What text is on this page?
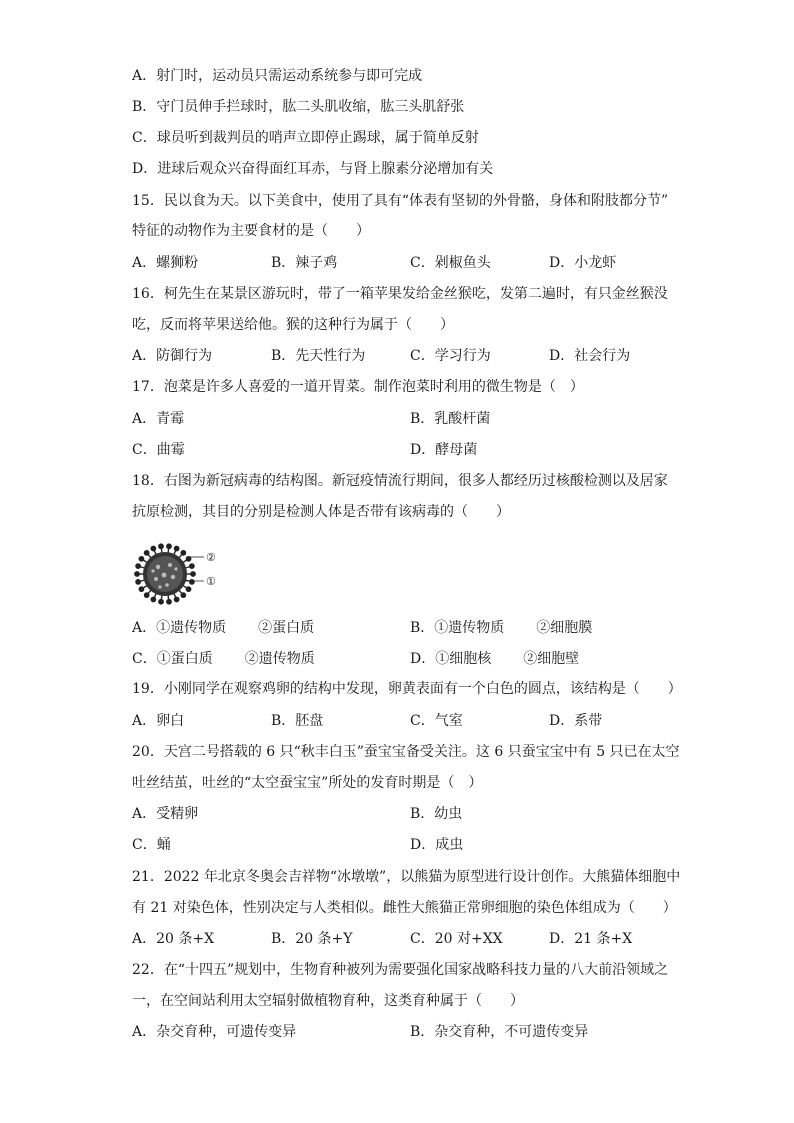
A．射门时，运动员只需运动系统参与即可完成
B．守门员伸手拦球时，肱二头肌收缩，肱三头肌舒张
C．球员听到裁判员的哨声立即停止踢球，属于简单反射
D．进球后观众兴奋得面红耳赤，与肾上腺素分泌增加有关
15．民以食为天。以下美食中，使用了具有“体表有坚韧的外骨骼，身体和附肢都分节”
特征的动物作为主要食材的是（　　）
A．螺狮粉	B．辣子鸡	C．剁椒鱼头	D．小龙虾
16．柯先生在某景区游玩时，带了一箱苹果发给金丝猴吃，发第二遍时，有只金丝猴没
吃，反而将苹果送给他。猴的这种行为属于（　　）
A．防御行为	B．先天性行为	C．学习行为	D．社会行为
17．泡菜是许多人喜爱的一道开胃菜。制作泡菜时利用的微生物是（　）
A．青霉	B．乳酸杆菌
C．曲霉	D．酵母菌
18．右图为新冠病毒的结构图。新冠疫情流行期间，很多人都经历过核酸检测以及居家
抗原检测，其目的分别是检测人体是否带有该病毒的（　　）
②
①
A．①遗传物质 ②蛋白质	B．①遗传物质 ②细胞膜
C．①蛋白质 ②遗传物质	D．①细胞核 ②细胞壁
19．小刚同学在观察鸡卵的结构中发现，卵黄表面有一个白色的圆点，该结构是（　　）
A．卵白	B．胚盘	C．气室	D．系带
20．天宫二号搭载的 6 只“秋丰白玉”蚕宝宝备受关注。这 6 只蚕宝宝中有 5 只已在太空
吐丝结茧，吐丝的“太空蚕宝宝”所处的发育时期是（　）
A．受精卵	B．幼虫
C．蛹	D．成虫
21．2022 年北京冬奥会吉祥物“冰墩墩”，以熊猫为原型进行设计创作。大熊猫体细胞中
有 21 对染色体，性别决定与人类相似。雌性大熊猫正常卵细胞的染色体组成为（　　）
A．20 条+X	B．20 条+Y	C．20 对+XX	D．21 条+X
22．在“十四五”规划中，生物育种被列为需要强化国家战略科技力量的八大前沿领域之
一，在空间站利用太空辐射做植物育种，这类育种属于（　　）
A．杂交育种，可遗传变异	B．杂交育种，不可遗传变异
